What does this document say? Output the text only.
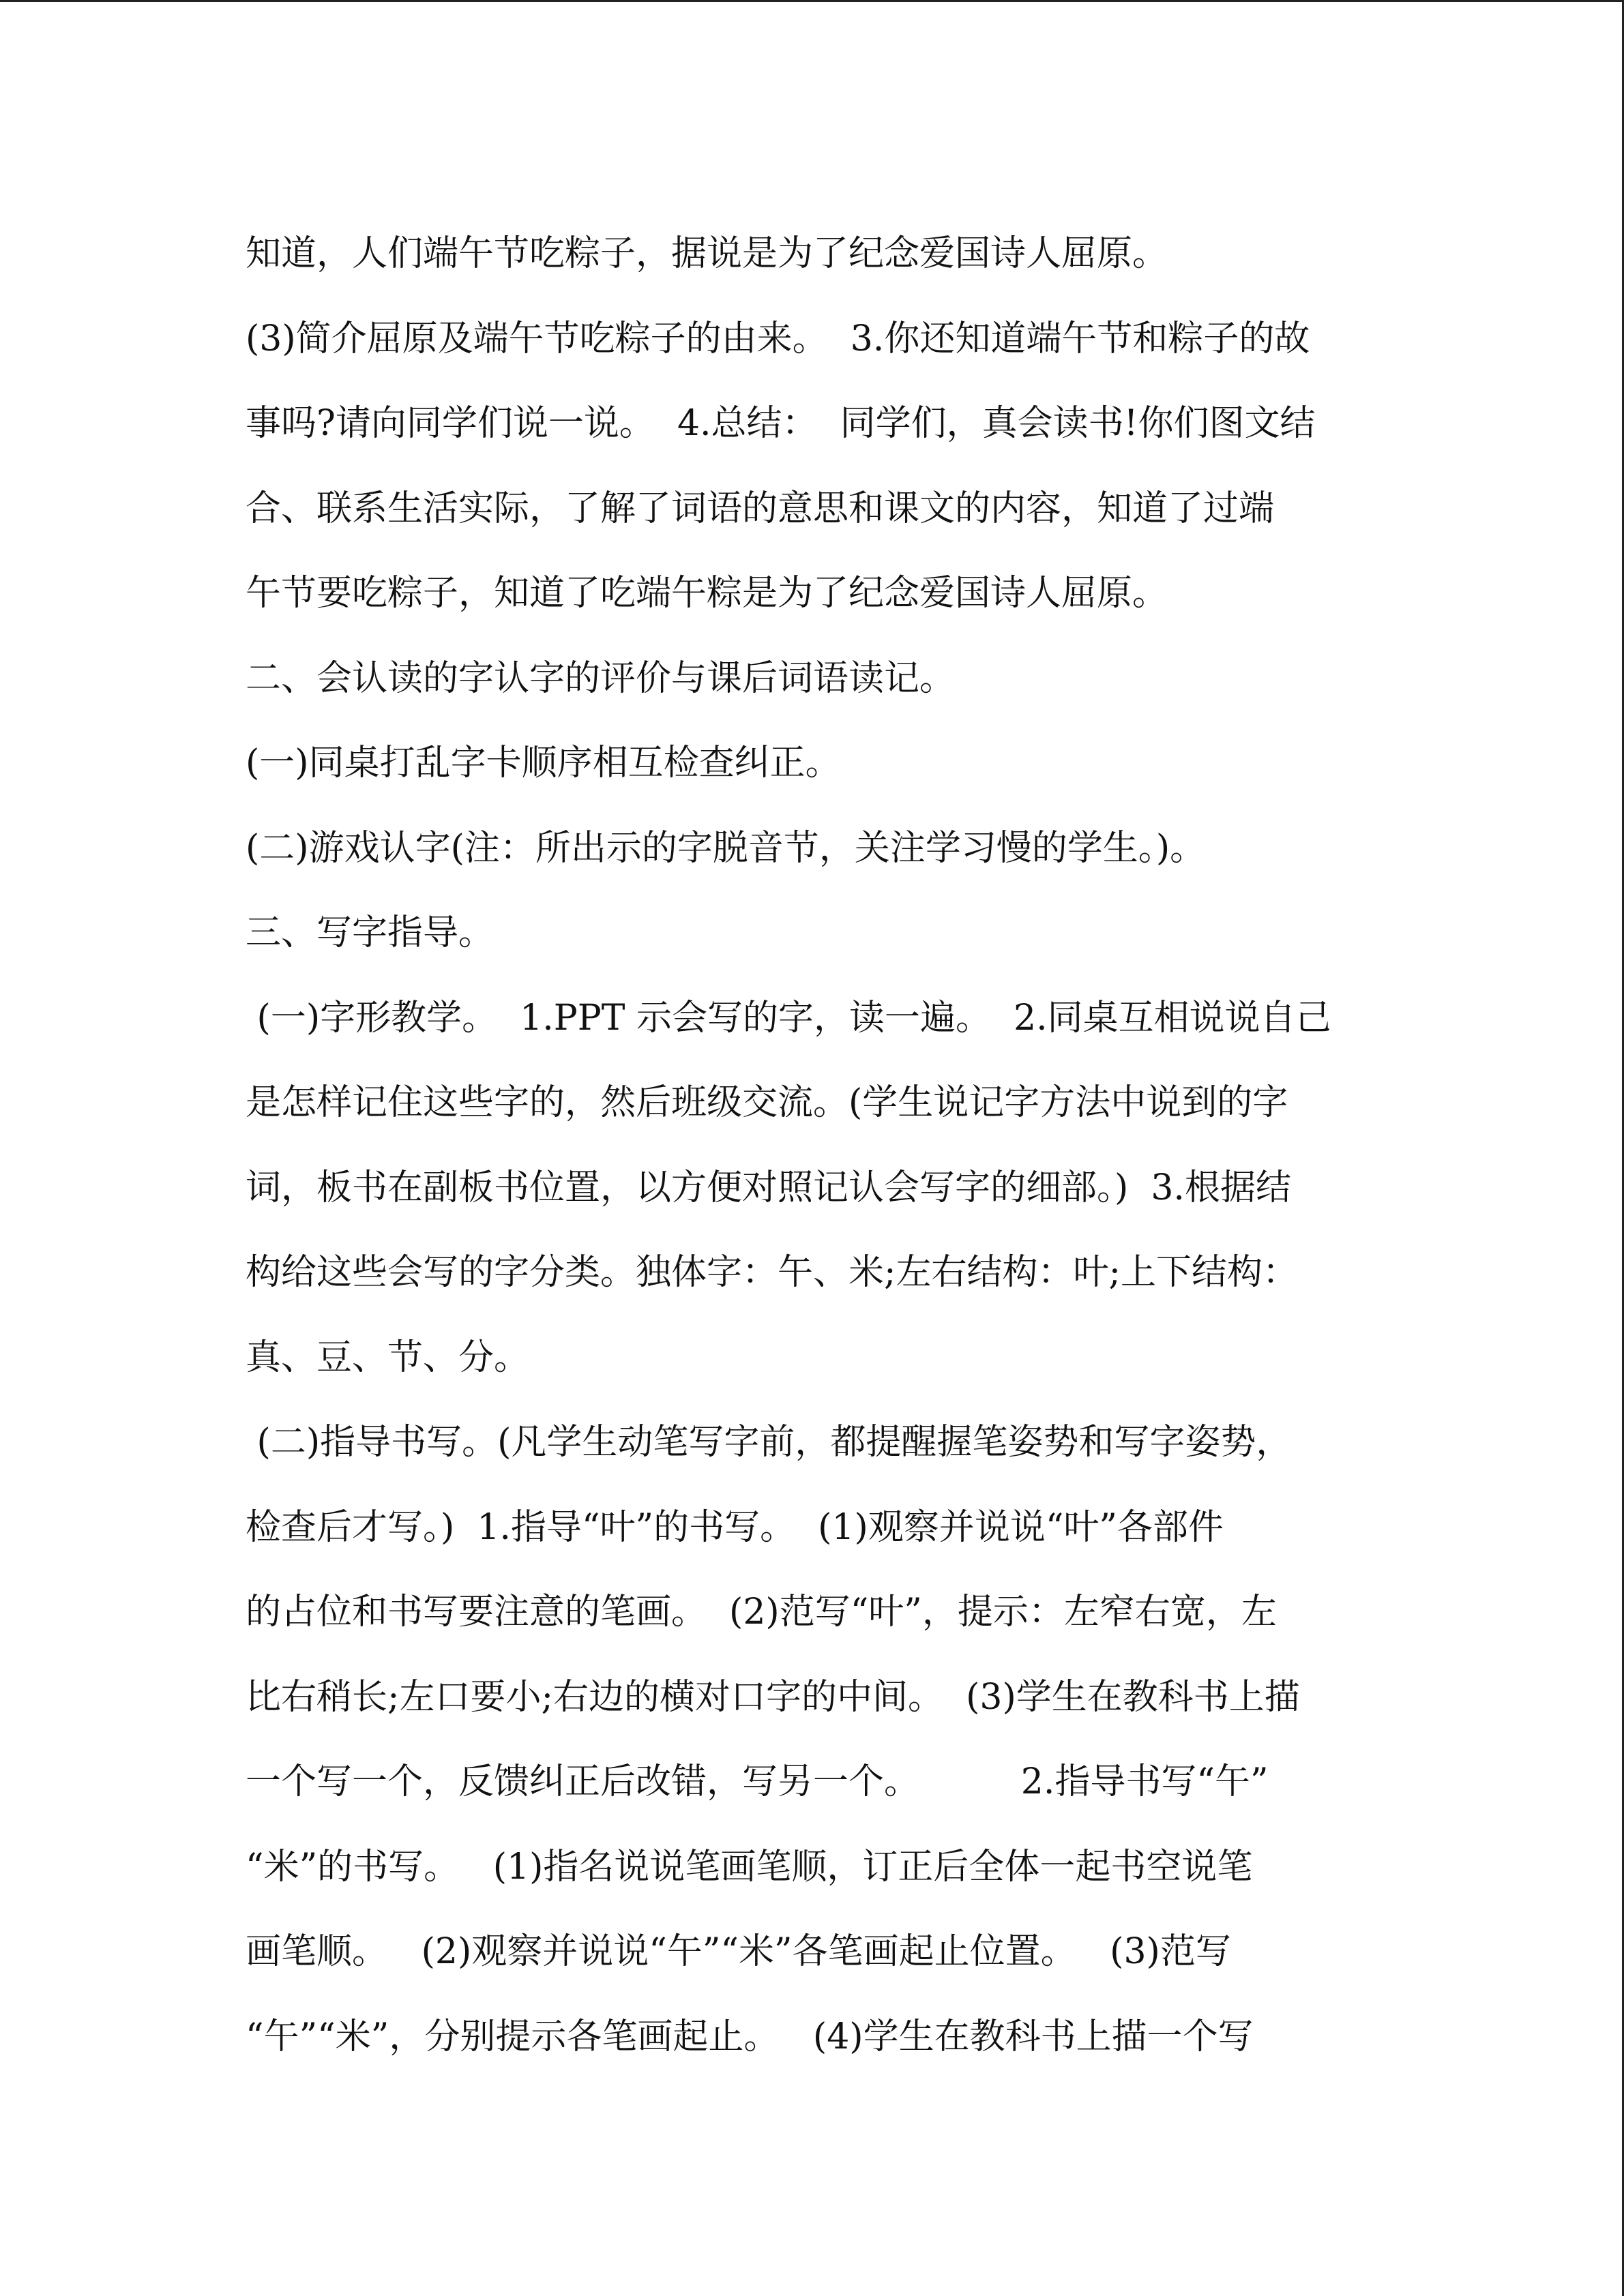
知道，人们端午节吃粽子，据说是为了纪念爱国诗人屈原。

(3)简介屈原及端午节吃粽子的由来。  3.你还知道端午节和粽子的故

事吗?请向同学们说一说。  4.总结：  同学们，真会读书!你们图文结

合、联系生活实际，了解了词语的意思和课文的内容，知道了过端

午节要吃粽子，知道了吃端午粽是为了纪念爱国诗人屈原。

二、会认读的字认字的评价与课后词语读记。

(一)同桌打乱字卡顺序相互检查纠正。

(二)游戏认字(注：所出示的字脱音节，关注学习慢的学生。)。

三、写字指导。

(一)字形教学。  1.PPT 示会写的字，读一遍。  2.同桌互相说说自己

是怎样记住这些字的，然后班级交流。(学生说记字方法中说到的字

词，板书在副板书位置，以方便对照记认会写字的细部。)  3.根据结

构给这些会写的字分类。独体字：午、米;左右结构：叶;上下结构：

真、豆、节、分。

(二)指导书写。(凡学生动笔写字前，都提醒握笔姿势和写字姿势，

检查后才写。)  1.指导“叶”的书写。  (1)观察并说说“叶”各部件

的占位和书写要注意的笔画。  (2)范写“叶”，提示：左窄右宽，左

比右稍长;左口要小;右边的横对口字的中间。  (3)学生在教科书上描

一个写一个，反馈纠正后改错，写另一个。         2.指导书写“午”

“米”的书写。   (1)指名说说笔画笔顺，订正后全体一起书空说笔

画笔顺。   (2)观察并说说“午”“米”各笔画起止位置。   (3)范写

“午”“米”，分别提示各笔画起止。   (4)学生在教科书上描一个写
